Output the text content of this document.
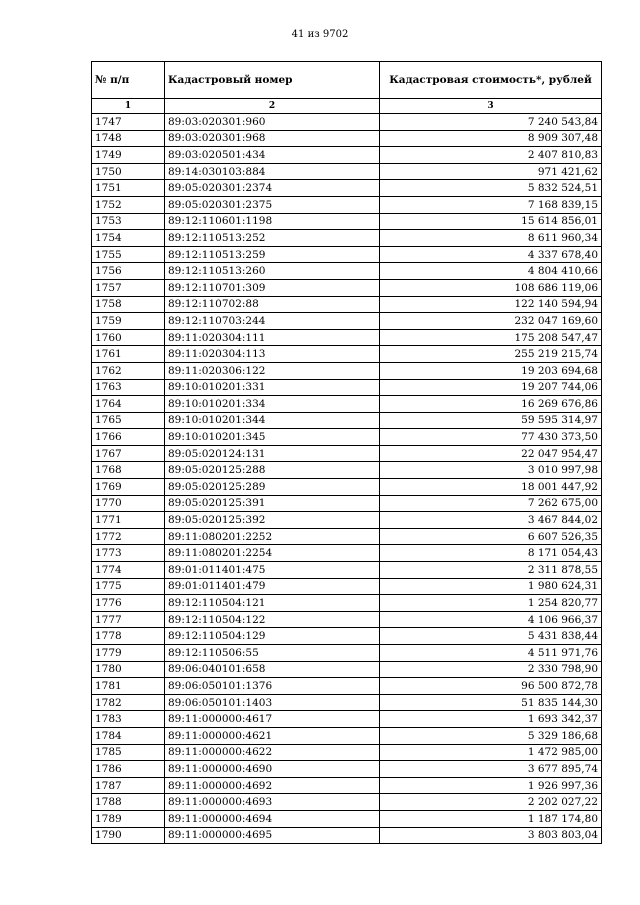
41 из 9702
№ п/п	Кадастровый номер	Кадастровая стоимость*, рублей
1	2	3
1747	89:03:020301:960	7 240 543,84
1748	89:03:020301:968	8 909 307,48
1749	89:03:020501:434	2 407 810,83
1750	89:14:030103:884	971 421,62
1751	89:05:020301:2374	5 832 524,51
1752	89:05:020301:2375	7 168 839,15
1753	89:12:110601:1198	15 614 856,01
1754	89:12:110513:252	8 611 960,34
1755	89:12:110513:259	4 337 678,40
1756	89:12:110513:260	4 804 410,66
1757	89:12:110701:309	108 686 119,06
1758	89:12:110702:88	122 140 594,94
1759	89:12:110703:244	232 047 169,60
1760	89:11:020304:111	175 208 547,47
1761	89:11:020304:113	255 219 215,74
1762	89:11:020306:122	19 203 694,68
1763	89:10:010201:331	19 207 744,06
1764	89:10:010201:334	16 269 676,86
1765	89:10:010201:344	59 595 314,97
1766	89:10:010201:345	77 430 373,50
1767	89:05:020124:131	22 047 954,47
1768	89:05:020125:288	3 010 997,98
1769	89:05:020125:289	18 001 447,92
1770	89:05:020125:391	7 262 675,00
1771	89:05:020125:392	3 467 844,02
1772	89:11:080201:2252	6 607 526,35
1773	89:11:080201:2254	8 171 054,43
1774	89:01:011401:475	2 311 878,55
1775	89:01:011401:479	1 980 624,31
1776	89:12:110504:121	1 254 820,77
1777	89:12:110504:122	4 106 966,37
1778	89:12:110504:129	5 431 838,44
1779	89:12:110506:55	4 511 971,76
1780	89:06:040101:658	2 330 798,90
1781	89:06:050101:1376	96 500 872,78
1782	89:06:050101:1403	51 835 144,30
1783	89:11:000000:4617	1 693 342,37
1784	89:11:000000:4621	5 329 186,68
1785	89:11:000000:4622	1 472 985,00
1786	89:11:000000:4690	3 677 895,74
1787	89:11:000000:4692	1 926 997,36
1788	89:11:000000:4693	2 202 027,22
1789	89:11:000000:4694	1 187 174,80
1790	89:11:000000:4695	3 803 803,04
